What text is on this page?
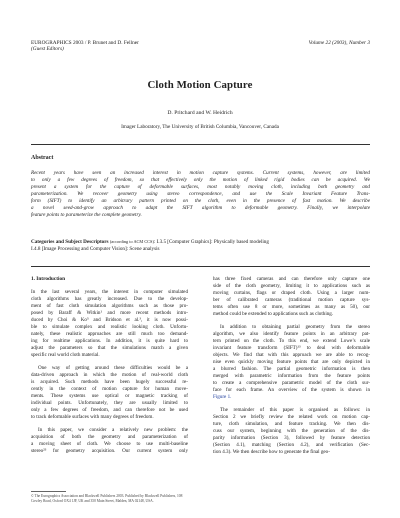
EUROGRAPHICS 2003 / P. Brunet and D. Fellner
(Guest Editors)
Volume 22 (2003), Number 3
Cloth Motion Capture
D. Pritchard and W. Heidrich
Imager Laboratory, The University of British Columbia, Vancouver, Canada
Abstract
Recent years have seen an increased interest in motion capture systems. Current systems, however, are limited
to only a few degrees of freedom, so that effectively only the motion of linked rigid bodies can be acquired. We
present a system for the capture of deformable surfaces, most notably moving cloth, including both geometry and
parameterization. We recover geometry using stereo correspondence, and use the Scale Invariant Feature Trans-
form (SIFT) to identify an arbitrary pattern printed on the cloth, even in the presence of fast motion. We describe
a novel seed-and-grow approach to adapt the SIFT algorithm to deformable geometry. Finally, we interpolate
feature points to parameterize the complete geometry.
Categories and Subject Descriptors (according to ACM CCS): I.3.5 [Computer Graphics]: Physically based modeling
I.4.8 [Image Processing and Computer Vision]: Scene analysis
1. Introduction
In the last several years, the interest in computer simulated
cloth algorithms has greatly increased. Due to the develop-
ment of fast cloth simulation algorithms such as those pro-
posed by Baraff & Witkin¹ and more recent methods intro-
duced by Choi & Ko⁵ and Bridson et al.³, it is now possi-
ble to simulate complex and realistic looking cloth. Unfortu-
nately, these realistic approaches are still much too demand-
ing for realtime applications. In addition, it is quite hard to
adjust the parameters so that the simulations match a given
specific real world cloth material.
One way of getting around these difficulties would be a
data-driven approach in which the motion of real-world cloth
is acquired. Such methods have been hugely successful re-
cently in the context of motion capture for human move-
ments. These systems use optical or magnetic tracking of
individual points. Unfortunately, they are usually limited to
only a few degrees of freedom, and can therefore not be used
to track deformable surfaces with many degrees of freedom.
In this paper, we consider a relatively new problem: the
acquisition of both the geometry and parameterization of
a moving sheet of cloth. We choose to use multi-baseline
stereo²³ for geometry acquisition. Our current system only
© The Eurographics Association and Blackwell Publishers 2003. Published by Blackwell Publishers, 108 Cowley Road, Oxford OX4 1JF, UK and 350 Main Street, Malden, MA 02148, USA.
has three fixed cameras and can therefore only capture one
side of the cloth geometry, limiting it to applications such as
moving curtains, flags or draped cloth. Using a larger num-
ber of calibrated cameras (traditional motion capture sys-
tems often use 8 or more, sometimes as many as 50), our
method could be extended to applications such as clothing.
In addition to obtaining partial geometry from the stereo
algorithm, we also identify feature points in an arbitrary pat-
tern printed on the cloth. To this end, we extend Lowe’s scale
invariant feature transform (SIFT)¹³ to deal with deformable
objects. We find that with this approach we are able to recog-
nise even quickly moving feature points that are only depicted in
a blurred fashion. The partial geometric information is then
merged with parametric information from the feature points
to create a comprehensive parametric model of the cloth sur-
face for each frame. An overview of the system is shown in
Figure 1.
The remainder of this paper is organised as follows: in
Section 2 we briefly review the related work on motion cap-
ture, cloth simulation, and feature tracking. We then dis-
cuss our system, beginning with the generation of the dis-
parity information (Section 3), followed by feature detection
(Section 4.1), matching (Section 4.2), and verification (Sec-
tion 4.3). We then describe how to generate the final geo-
